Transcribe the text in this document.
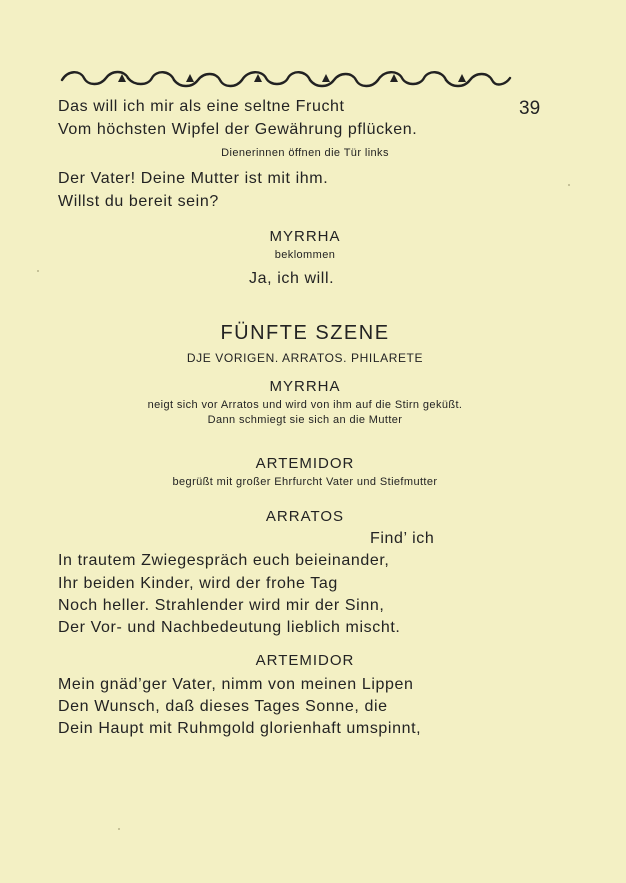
39
Das will ich mir als eine seltne Frucht
Vom höchsten Wipfel der Gewährung pflücken.
Dienerinnen öffnen die Tür links
Der Vater! Deine Mutter ist mit ihm.
Willst du bereit sein?
MYRRHA
beklommen
Ja, ich will.
FÜNFTE SZENE
DJE VORIGEN. ARRATOS. PHILARETE
MYRRHA
neigt sich vor Arratos und wird von ihm auf die Stirn geküßt.
Dann schmiegt sie sich an die Mutter
ARTEMIDOR
begrüßt mit großer Ehrfurcht Vater und Stiefmutter
ARRATOS
Find’ ich
In trautem Zwiegespräch euch beieinander,
Ihr beiden Kinder, wird der frohe Tag
Noch heller. Strahlender wird mir der Sinn,
Der Vor- und Nachbedeutung lieblich mischt.
ARTEMIDOR
Mein gnäd’ger Vater, nimm von meinen Lippen
Den Wunsch, daß dieses Tages Sonne, die
Dein Haupt mit Ruhmgold glorienhaft umspinnt,
